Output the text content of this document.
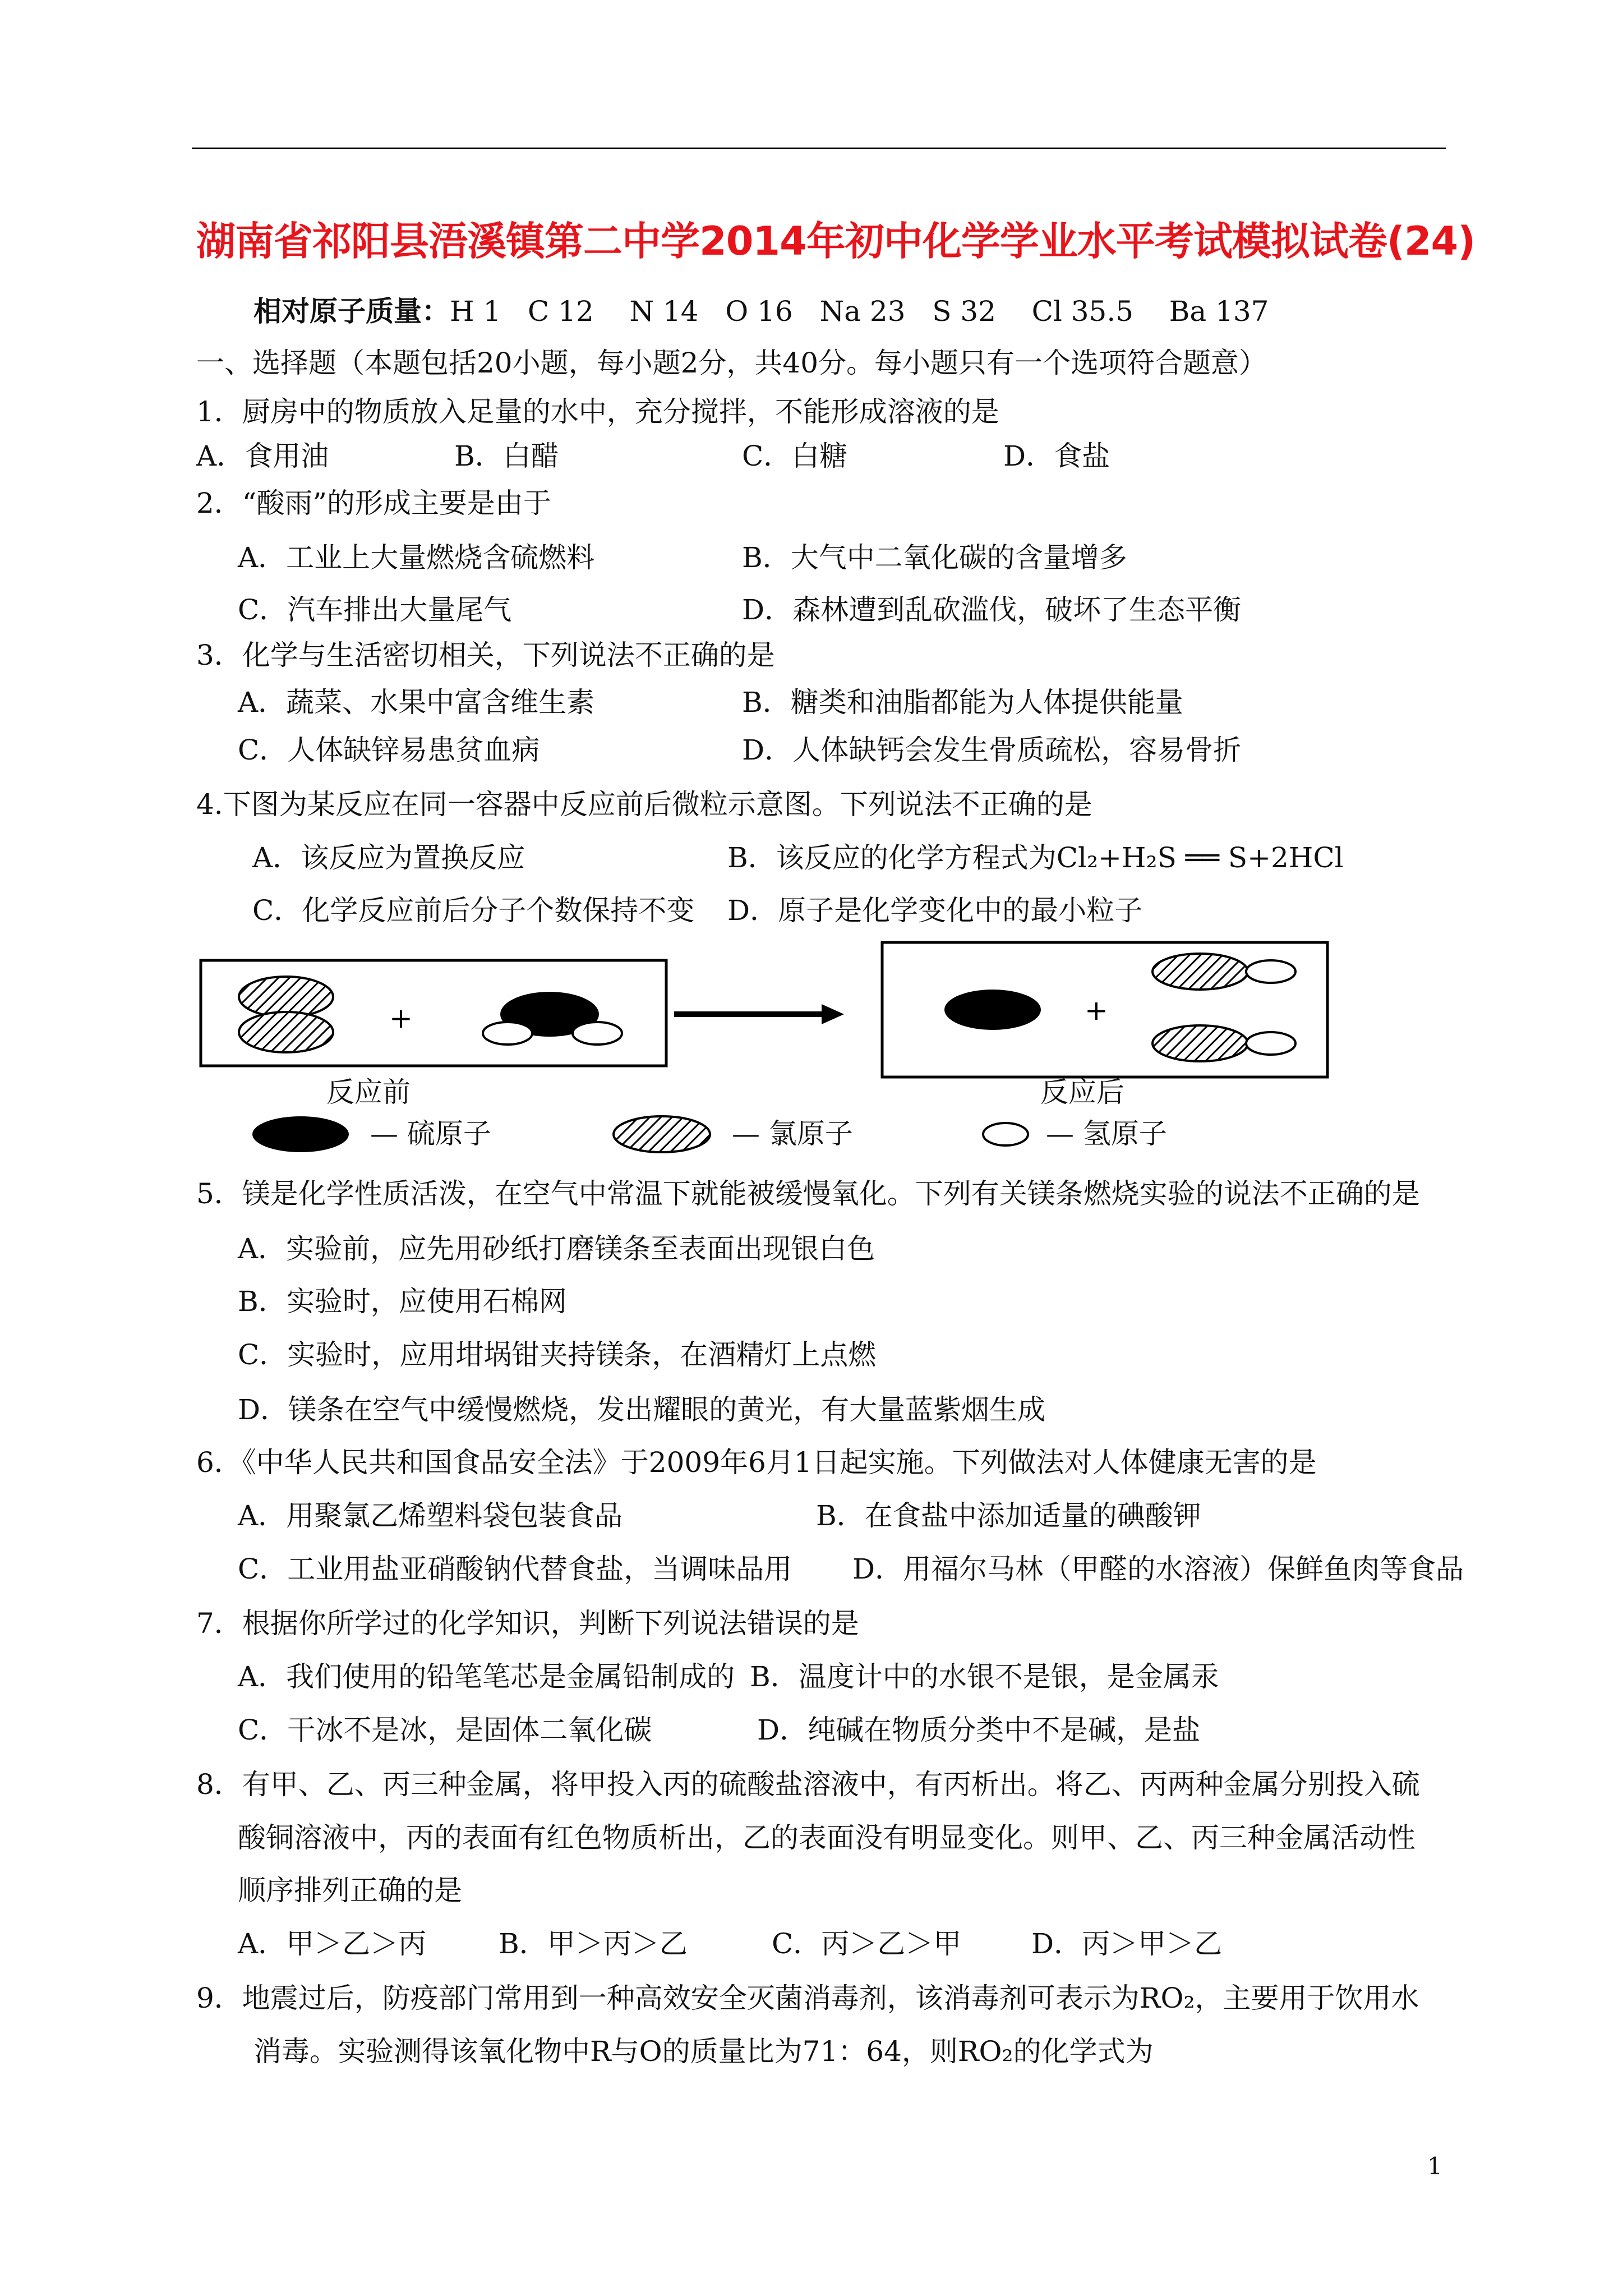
湖南省祁阳县浯溪镇第二中学2014年初中化学学业水平考试模拟试卷(24)
相对原子质量：H 1   C 12    N 14   O 16   Na 23   S 32    Cl 35.5    Ba 137
一、选择题（本题包括20小题，每小题2分，共40分。每小题只有一个选项符合题意）
1．厨房中的物质放入足量的水中，充分搅拌，不能形成溶液的是
A．食用油	B．白醋	C．白糖	D．食盐
2．“酸雨”的形成主要是由于
A．工业上大量燃烧含硫燃料	B．大气中二氧化碳的含量增多
C．汽车排出大量尾气	D．森林遭到乱砍滥伐，破坏了生态平衡
3．化学与生活密切相关，下列说法不正确的是
A．蔬菜、水果中富含维生素	B．糖类和油脂都能为人体提供能量
C．人体缺锌易患贫血病	D．人体缺钙会发生骨质疏松，容易骨折
4.下图为某反应在同一容器中反应前后微粒示意图。下列说法不正确的是
A．该反应为置换反应	B．该反应的化学方程式为Cl₂+H₂S ══ S+2HCl
C．化学反应前后分子个数保持不变 D．原子是化学变化中的最小粒子
+	+
反应前	反应后
— 硫原子	— 氯原子	— 氢原子
5．镁是化学性质活泼，在空气中常温下就能被缓慢氧化。下列有关镁条燃烧实验的说法不正确的是
A．实验前，应先用砂纸打磨镁条至表面出现银白色
B．实验时，应使用石棉网
C．实验时，应用坩埚钳夹持镁条，在酒精灯上点燃
D．镁条在空气中缓慢燃烧，发出耀眼的黄光，有大量蓝紫烟生成
6．《中华人民共和国食品安全法》于2009年6月1日起实施。下列做法对人体健康无害的是
A．用聚氯乙烯塑料袋包装食品	B．在食盐中添加适量的碘酸钾
C．工业用盐亚硝酸钠代替食盐，当调味品用 D．用福尔马林（甲醛的水溶液）保鲜鱼肉等食品
7．根据你所学过的化学知识，判断下列说法错误的是
A．我们使用的铅笔笔芯是金属铅制成的 B．温度计中的水银不是银，是金属汞
C．干冰不是冰，是固体二氧化碳	D．纯碱在物质分类中不是碱，是盐
8．有甲、乙、丙三种金属，将甲投入丙的硫酸盐溶液中，有丙析出。将乙、丙两种金属分别投入硫
酸铜溶液中，丙的表面有红色物质析出，乙的表面没有明显变化。则甲、乙、丙三种金属活动性
顺序排列正确的是
A．甲＞乙＞丙	B．甲＞丙＞乙	C．丙＞乙＞甲 D．丙＞甲＞乙
9．地震过后，防疫部门常用到一种高效安全灭菌消毒剂，该消毒剂可表示为RO₂，主要用于饮用水
消毒。实验测得该氧化物中R与O的质量比为71：64，则RO₂的化学式为
1
